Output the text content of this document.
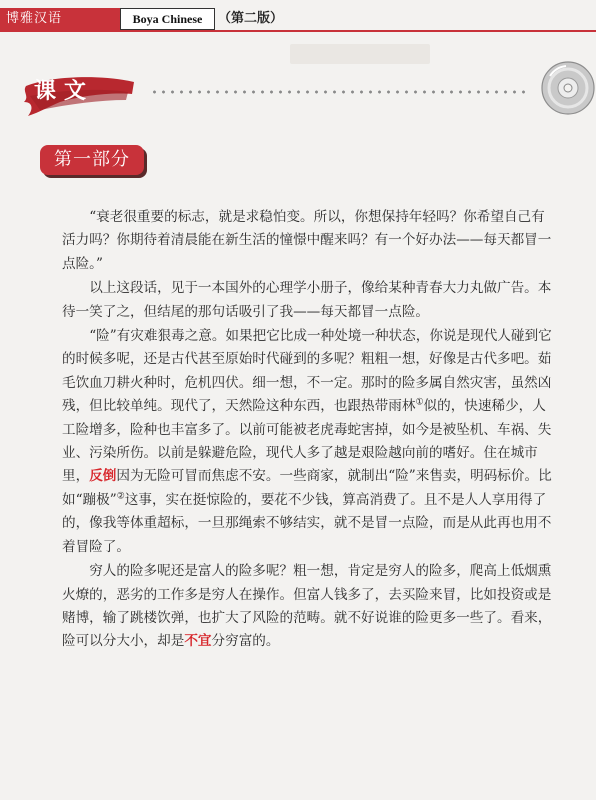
博雅汉语	Boya Chinese	（第二版）
课文
第一部分

“衰老很重要的标志，就是求稳怕变。所以，你想保持年轻吗？你希望自己有活力吗？你期待着清晨能在新生活的憧憬中醒来吗？有一个好办法——每天都冒一点险。”

以上这段话，见于一本国外的心理学小册子，像给某种青春大力丸做广告。本待一笑了之，但结尾的那句话吸引了我——每天都冒一点险。

“险”有灾难狠毒之意。如果把它比成一种处境一种状态，你说是现代人碰到它的时候多呢，还是古代甚至原始时代碰到的多呢？粗粗一想，好像是古代多吧。茹毛饮血刀耕火种时，危机四伏。细一想，不一定。那时的险多属自然灾害，虽然凶残，但比较单纯。现代了，天然险这种东西，也跟热带雨林①似的，快速稀少，人工险增多，险种也丰富多了。以前可能被老虎毒蛇害掉，如今是被坠机、车祸、失业、污染所伤。以前是躲避危险，现代人多了越是艰险越向前的嗜好。住在城市里，反倒因为无险可冒而焦虑不安。一些商家，就制出“险”来售卖，明码标价。比如“蹦极”②这事，实在挺惊险的，要花不少钱，算高消费了。且不是人人享用得了的，像我等体重超标，一旦那绳索不够结实，就不是冒一点险，而是从此再也用不着冒险了。

穷人的险多呢还是富人的险多呢？粗一想，肯定是穷人的险多，爬高上低烟熏火燎的，恶劣的工作多是穷人在操作。但富人钱多了，去买险来冒，比如投资或是赌博，输了跳楼饮弹，也扩大了风险的范畴。就不好说谁的险更多一些了。看来，险可以分大小，却是不宜分穷富的。
